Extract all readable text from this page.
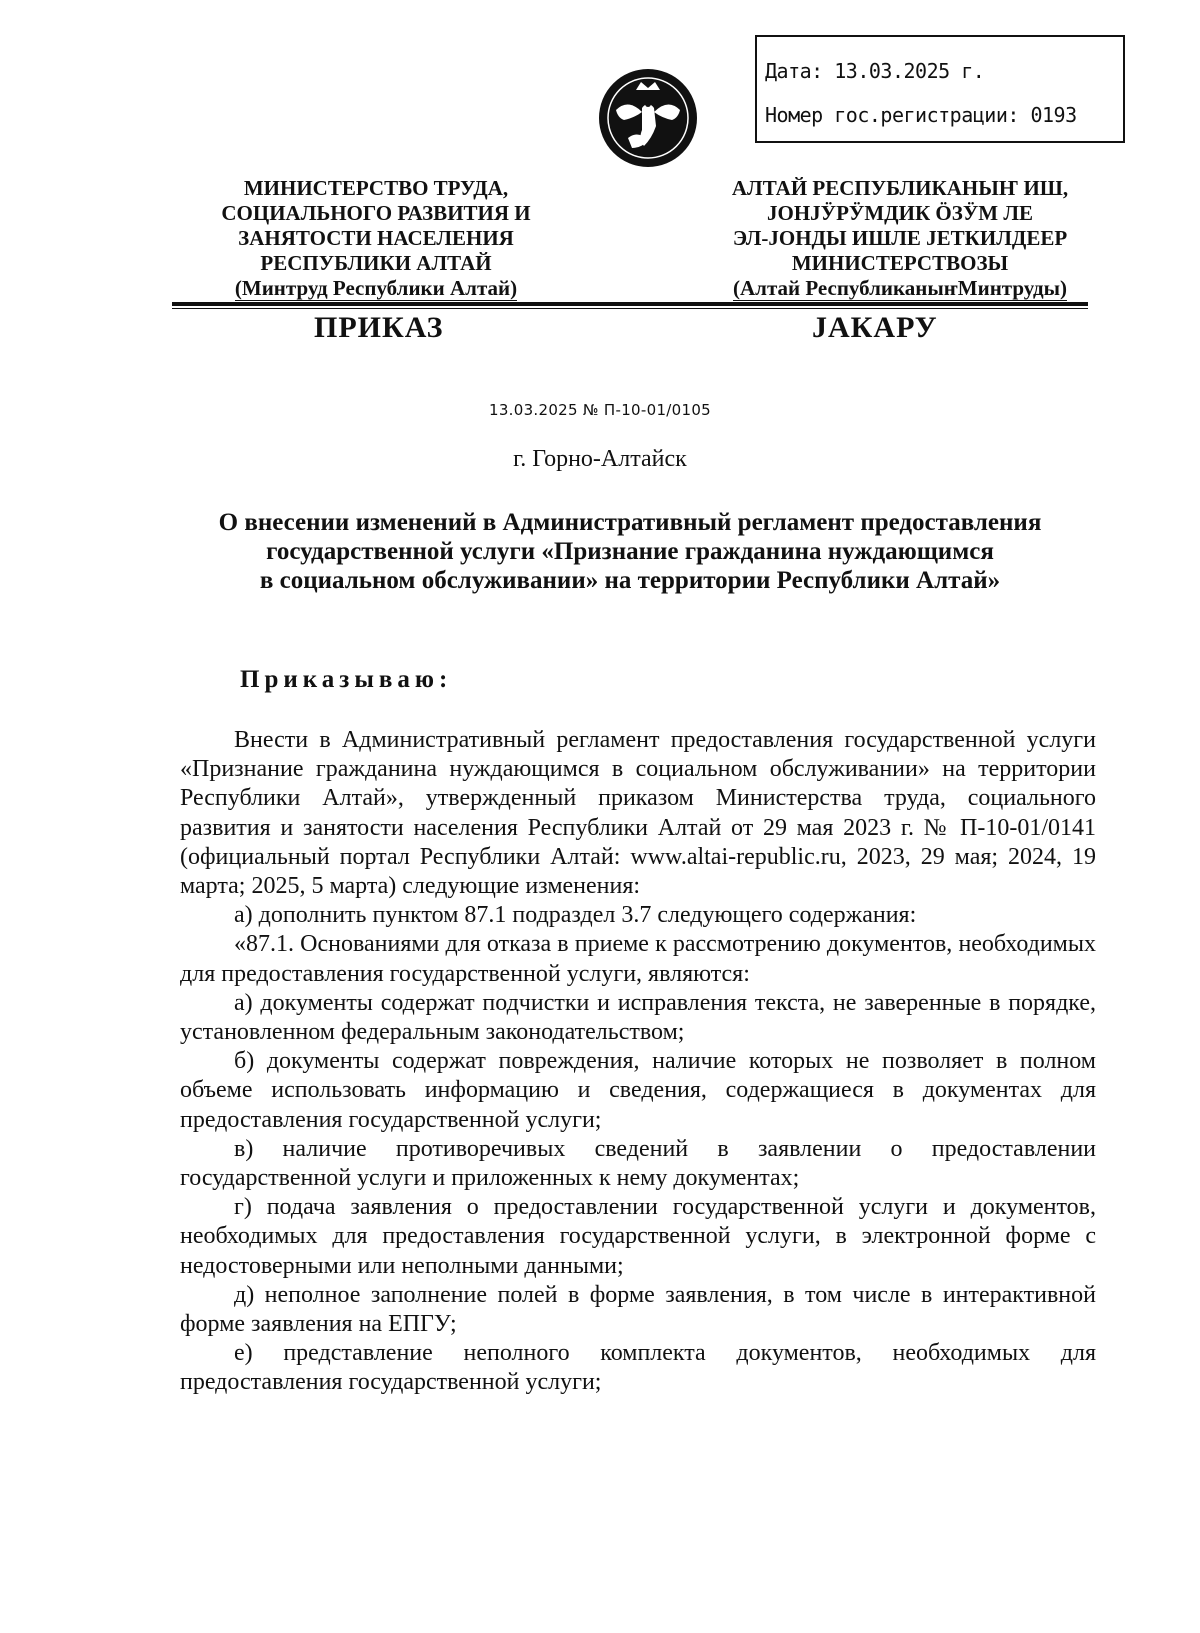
Дата: 13.03.2025 г.
Номер гос.регистрации: 0193
МИНИСТЕРСТВО ТРУДА,
СОЦИАЛЬНОГО РАЗВИТИЯ И
ЗАНЯТОСТИ НАСЕЛЕНИЯ
РЕСПУБЛИКИ АЛТАЙ
(Минтруд Республики Алтай)
АЛТАЙ РЕСПУБЛИКАНЫҤ ИШ,
ЈОНЈӰРӰМДИК ӦЗӰМ ЛЕ
ЭЛ-ЈОНДЫ ИШЛЕ ЈЕТКИЛДЕЕР
МИНИСТЕРСТВОЗЫ
(Алтай РеспубликаныҥМинтруды)
ПРИКАЗ	ЈАКАРУ
13.03.2025 № П-10-01/0105
г. Горно-Алтайск
О внесении изменений в Административный регламент предоставления
государственной услуги «Признание гражданина нуждающимся
в социальном обслуживании» на территории Республики Алтай»
Приказываю:

Внести в Административный регламент предоставления государственной услуги «Признание гражданина нуждающимся в социальном обслуживании» на территории Республики Алтай», утвержденный приказом Министерства труда, социального развития и занятости населения Республики Алтай от 29 мая 2023 г. № П-10-01/0141 (официальный портал Республики Алтай: www.altai-republic.ru, 2023, 29 мая; 2024, 19 марта; 2025, 5 марта) следующие изменения:

а) дополнить пунктом 87.1 подраздел 3.7 следующего содержания:

«87.1. Основаниями для отказа в приеме к рассмотрению документов, необходимых для предоставления государственной услуги, являются:

а) документы содержат подчистки и исправления текста, не заверенные в порядке, установленном федеральным законодательством;

б) документы содержат повреждения, наличие которых не позволяет в полном объеме использовать информацию и сведения, содержащиеся в документах для предоставления государственной услуги;

в) наличие противоречивых сведений в заявлении о предоставлении государственной услуги и приложенных к нему документах;

г) подача заявления о предоставлении государственной услуги и документов, необходимых для предоставления государственной услуги, в электронной форме с недостоверными или неполными данными;

д) неполное заполнение полей в форме заявления, в том числе в интерактивной форме заявления на ЕПГУ;

е) представление неполного комплекта документов, необходимых для предоставления государственной услуги;
